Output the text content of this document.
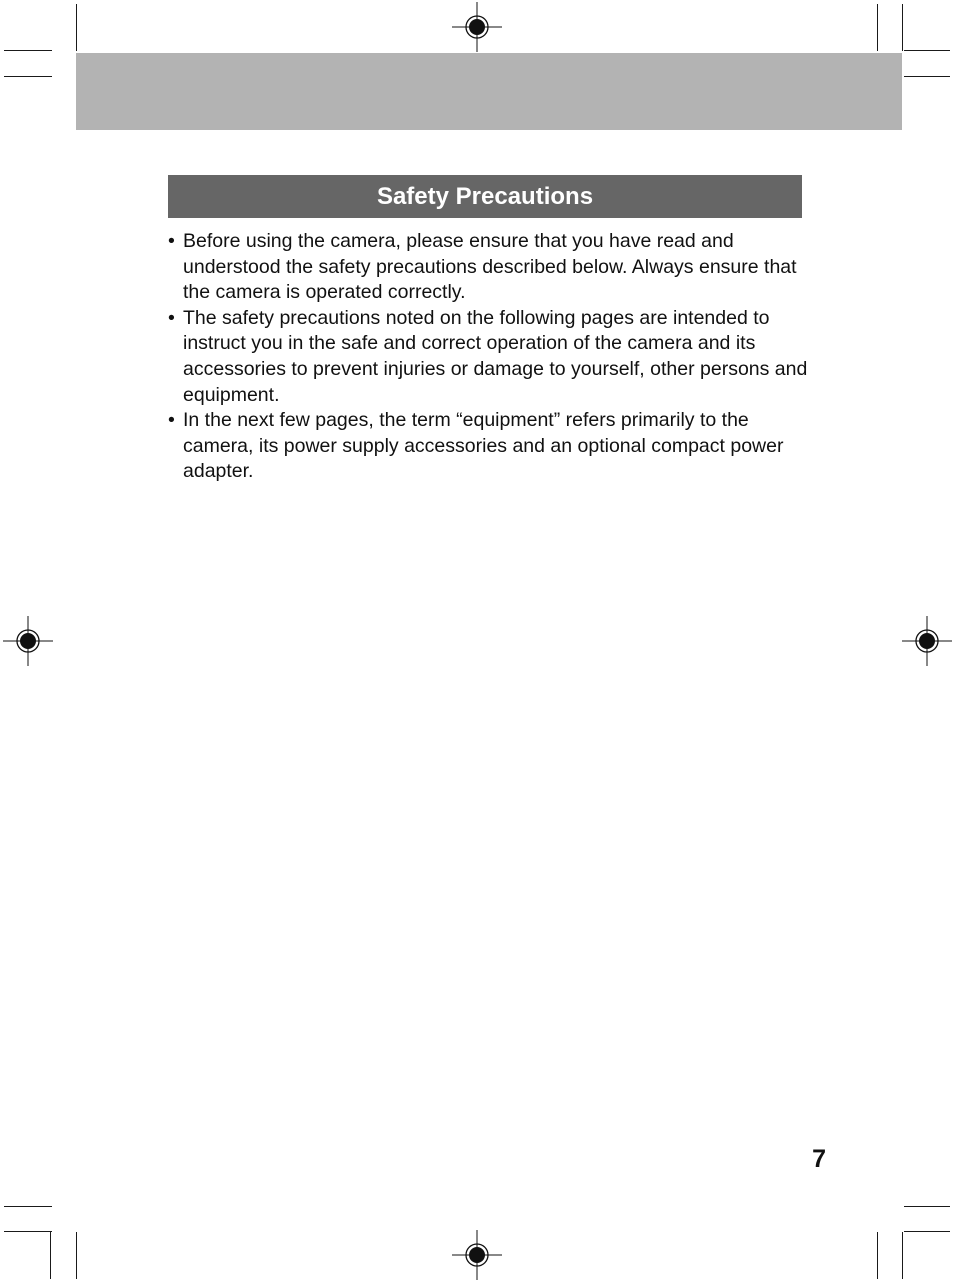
Safety Precautions
• Before using the camera, please ensure that you have read and understood the safety precautions described below. Always ensure that the camera is operated correctly.
• The safety precautions noted on the following pages are intended to instruct you in the safe and correct operation of the camera and its accessories to prevent injuries or damage to yourself, other persons and equipment.
• In the next few pages, the term “equipment” refers primarily to the camera, its power supply accessories and an optional compact power adapter.
7
